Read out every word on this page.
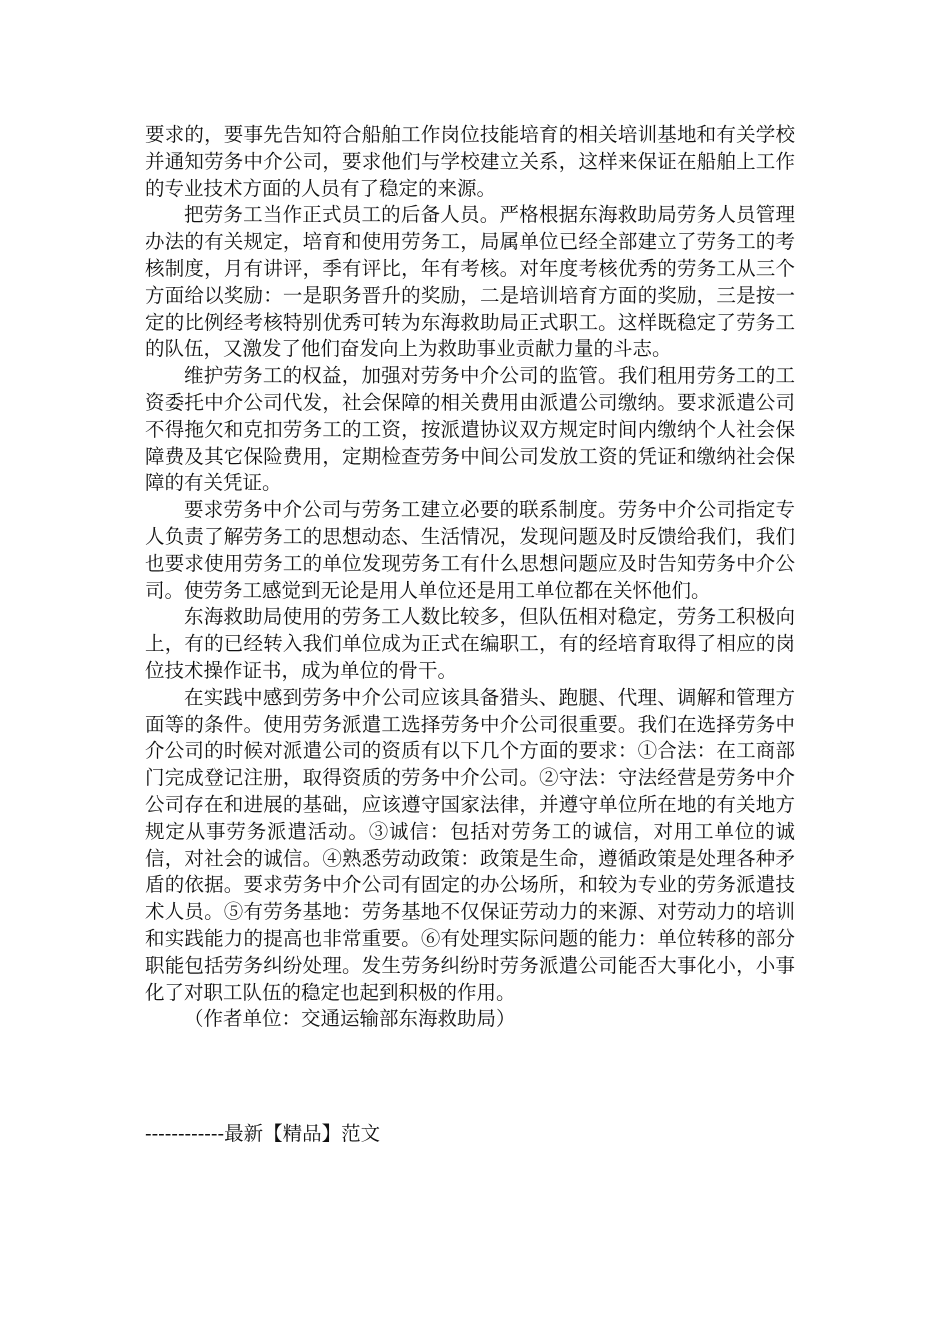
要求的，要事先告知符合船舶工作岗位技能培育的相关培训基地和有关学校并通知劳务中介公司，要求他们与学校建立关系，这样来保证在船舶上工作的专业技术方面的人员有了稳定的来源。

把劳务工当作正式员工的后备人员。严格根据东海救助局劳务人员管理办法的有关规定，培育和使用劳务工，局属单位已经全部建立了劳务工的考核制度，月有讲评，季有评比，年有考核。对年度考核优秀的劳务工从三个方面给以奖励：一是职务晋升的奖励，二是培训培育方面的奖励，三是按一定的比例经考核特别优秀可转为东海救助局正式职工。这样既稳定了劳务工的队伍，又激发了他们奋发向上为救助事业贡献力量的斗志。

维护劳务工的权益，加强对劳务中介公司的监管。我们租用劳务工的工资委托中介公司代发，社会保障的相关费用由派遣公司缴纳。要求派遣公司不得拖欠和克扣劳务工的工资，按派遣协议双方规定时间内缴纳个人社会保障费及其它保险费用，定期检查劳务中间公司发放工资的凭证和缴纳社会保障的有关凭证。

要求劳务中介公司与劳务工建立必要的联系制度。劳务中介公司指定专人负责了解劳务工的思想动态、生活情况，发现问题及时反馈给我们，我们也要求使用劳务工的单位发现劳务工有什么思想问题应及时告知劳务中介公司。使劳务工感觉到无论是用人单位还是用工单位都在关怀他们。

东海救助局使用的劳务工人数比较多，但队伍相对稳定，劳务工积极向上，有的已经转入我们单位成为正式在编职工，有的经培育取得了相应的岗位技术操作证书，成为单位的骨干。

在实践中感到劳务中介公司应该具备猎头、跑腿、代理、调解和管理方面等的条件。使用劳务派遣工选择劳务中介公司很重要。我们在选择劳务中介公司的时候对派遣公司的资质有以下几个方面的要求：①合法：在工商部门完成登记注册，取得资质的劳务中介公司。②守法：守法经营是劳务中介公司存在和进展的基础，应该遵守国家法律，并遵守单位所在地的有关地方规定从事劳务派遣活动。③诚信：包括对劳务工的诚信，对用工单位的诚信，对社会的诚信。④熟悉劳动政策：政策是生命，遵循政策是处理各种矛盾的依据。要求劳务中介公司有固定的办公场所，和较为专业的劳务派遣技术人员。⑤有劳务基地：劳务基地不仅保证劳动力的来源、对劳动力的培训和实践能力的提高也非常重要。⑥有处理实际问题的能力：单位转移的部分职能包括劳务纠纷处理。发生劳务纠纷时劳务派遣公司能否大事化小，小事化了对职工队伍的稳定也起到积极的作用。

（作者单位：交通运输部东海救助局）

------------最新【精品】范文
